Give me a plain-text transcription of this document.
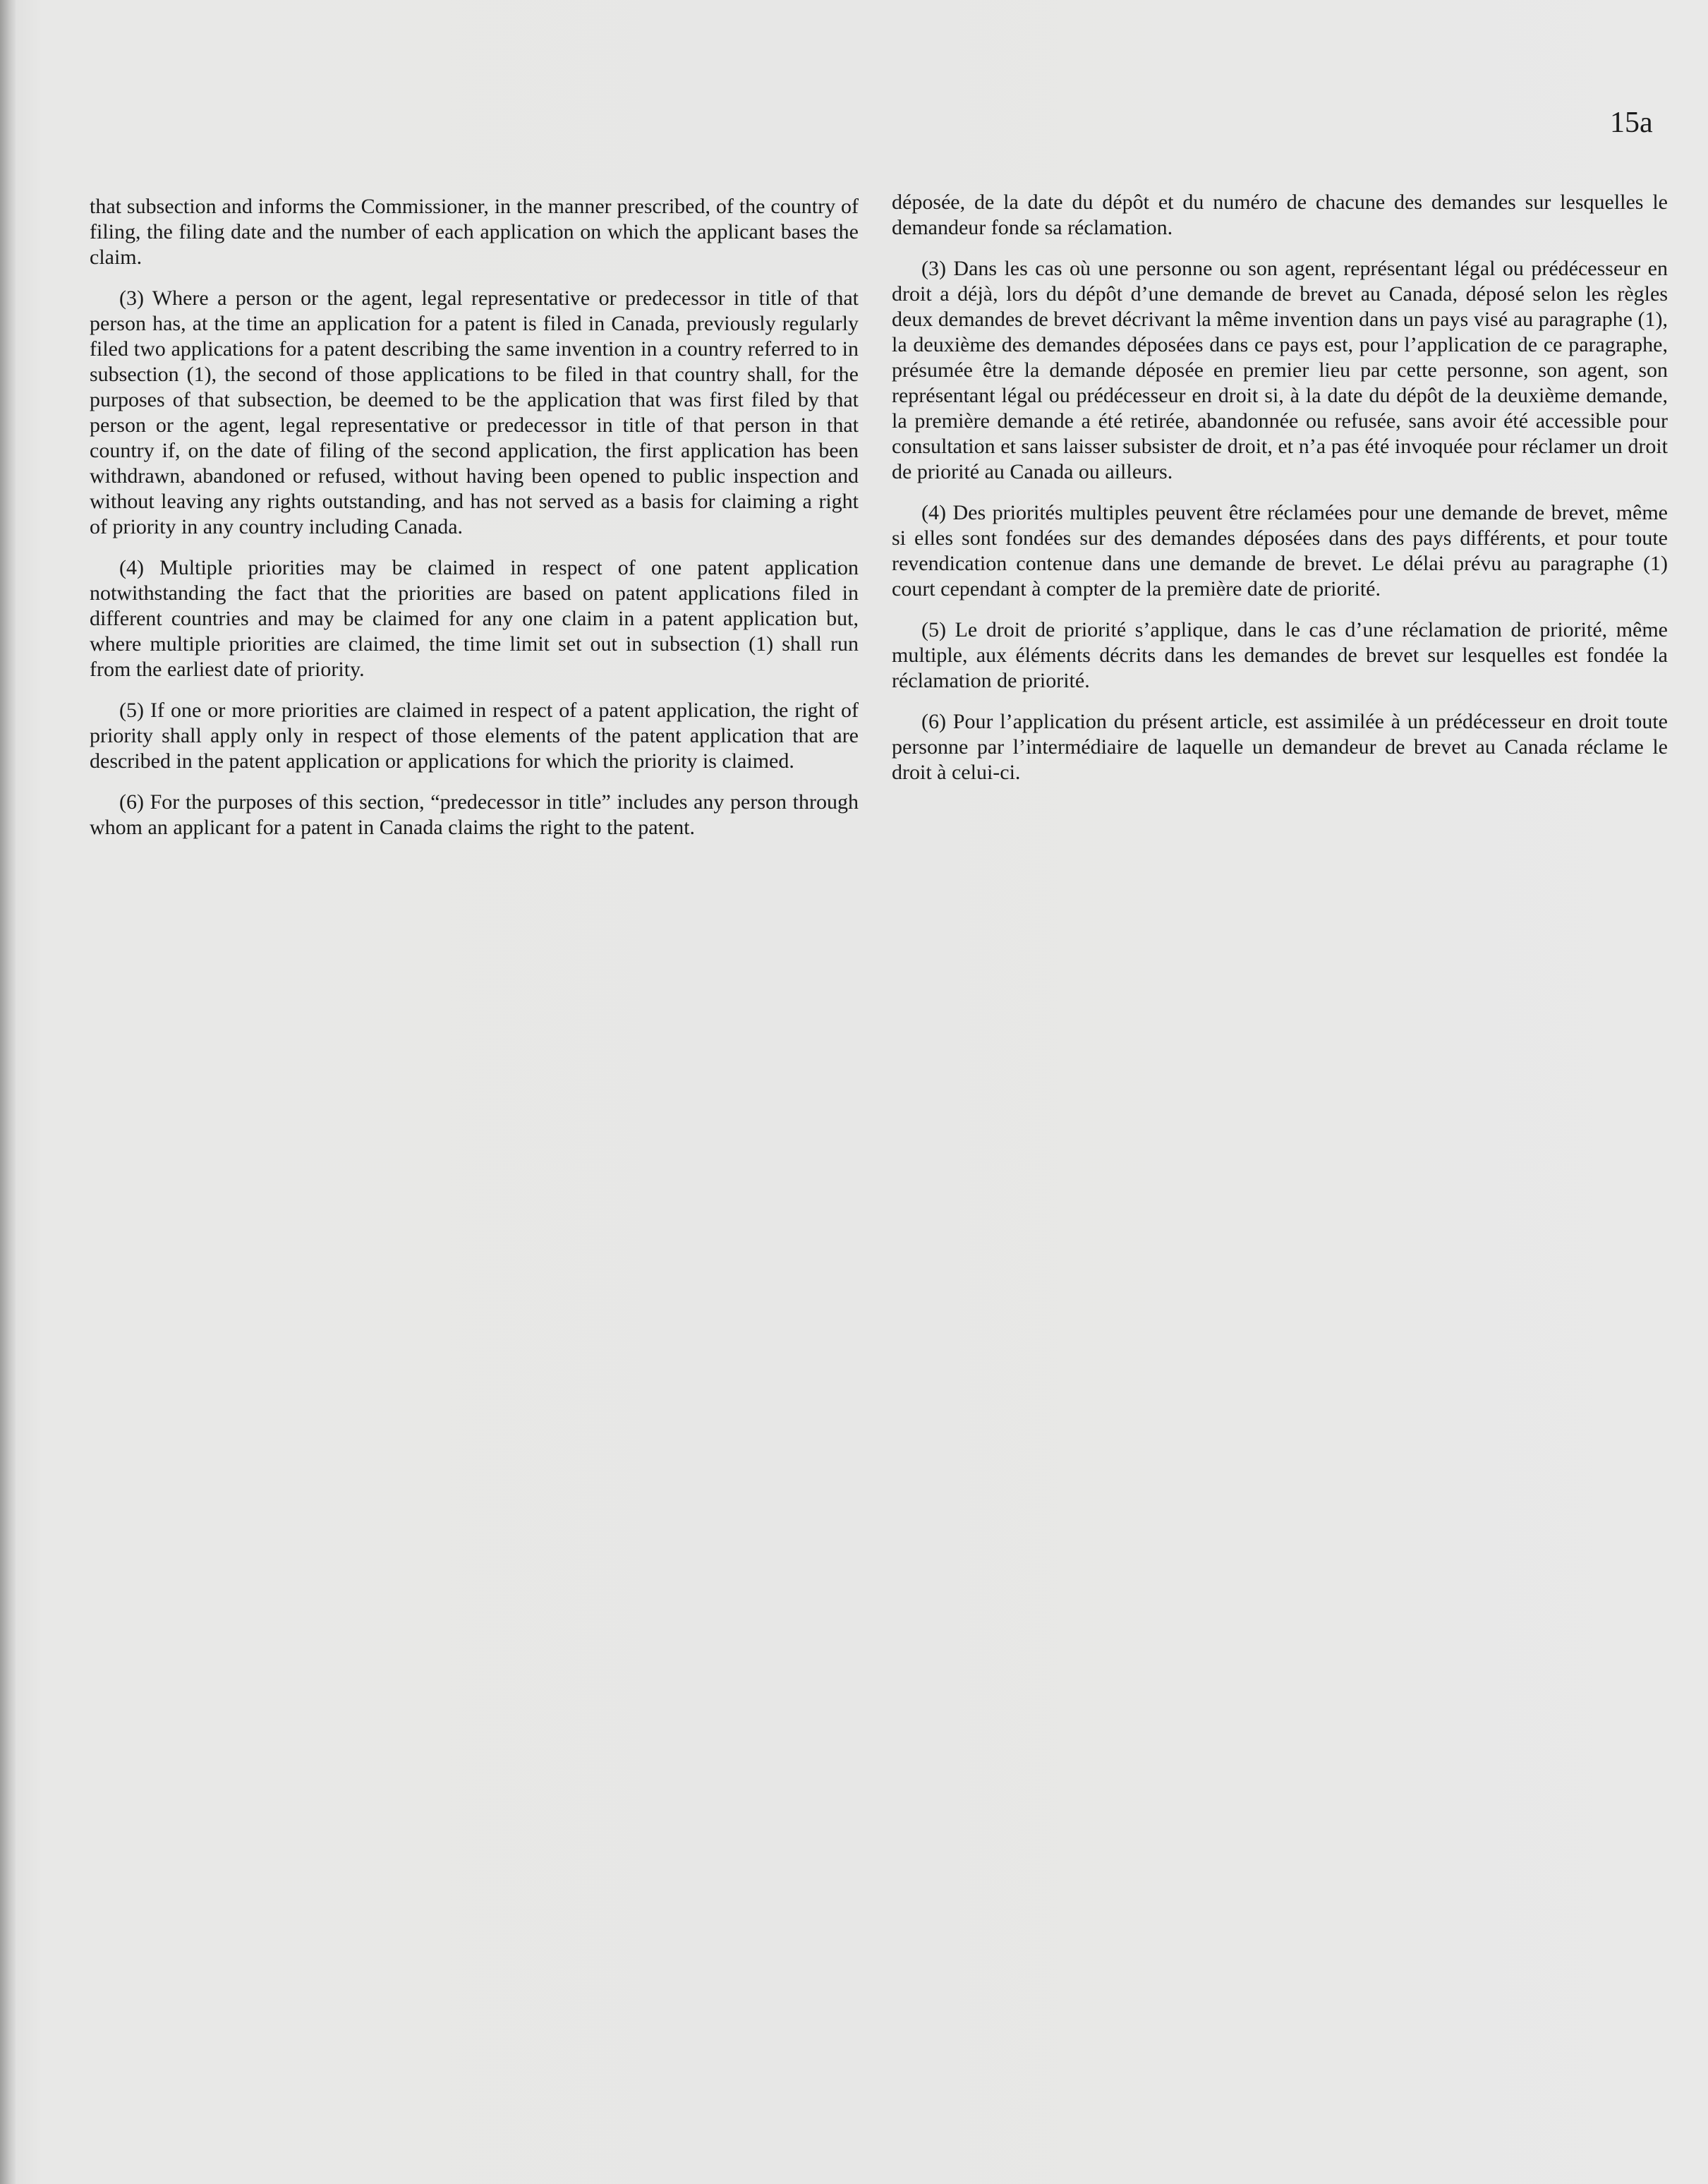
15a

that subsection and informs the Commissioner, in the manner prescribed, of the country of filing, the filing date and the number of each application on which the applicant bases the claim.

(3) Where a person or the agent, legal representative or predecessor in title of that person has, at the time an application for a patent is filed in Canada, previously regularly filed two applications for a patent describing the same invention in a country referred to in subsection (1), the second of those applications to be filed in that country shall, for the purposes of that subsection, be deemed to be the application that was first filed by that person or the agent, legal representative or predecessor in title of that person in that country if, on the date of filing of the second application, the first application has been withdrawn, abandoned or refused, without having been opened to public inspection and without leaving any rights outstanding, and has not served as a basis for claiming a right of priority in any country including Canada.

(4) Multiple priorities may be claimed in respect of one patent application notwithstanding the fact that the priorities are based on patent applications filed in different countries and may be claimed for any one claim in a patent application but, where multiple priorities are claimed, the time limit set out in subsection (1) shall run from the earliest date of priority.

(5) If one or more priorities are claimed in respect of a patent application, the right of priority shall apply only in respect of those elements of the patent application that are described in the patent application or applications for which the priority is claimed.

(6) For the purposes of this section, “predecessor in title” includes any person through whom an applicant for a patent in Canada claims the right to the patent.

déposée, de la date du dépôt et du numéro de chacune des demandes sur lesquelles le demandeur fonde sa réclamation.

(3) Dans les cas où une personne ou son agent, représentant légal ou prédécesseur en droit a déjà, lors du dépôt d’une demande de brevet au Canada, déposé selon les règles deux demandes de brevet décrivant la même invention dans un pays visé au paragraphe (1), la deuxième des demandes déposées dans ce pays est, pour l’application de ce paragraphe, présumée être la demande déposée en premier lieu par cette personne, son agent, son représentant légal ou prédécesseur en droit si, à la date du dépôt de la deuxième demande, la première demande a été retirée, abandonnée ou refusée, sans avoir été accessible pour consultation et sans laisser subsister de droit, et n’a pas été invoquée pour réclamer un droit de priorité au Canada ou ailleurs.

(4) Des priorités multiples peuvent être réclamées pour une demande de brevet, même si elles sont fondées sur des demandes déposées dans des pays différents, et pour toute revendication contenue dans une demande de brevet. Le délai prévu au paragraphe (1) court cependant à compter de la première date de priorité.

(5) Le droit de priorité s’applique, dans le cas d’une réclamation de priorité, même multiple, aux éléments décrits dans les demandes de brevet sur lesquelles est fondée la réclamation de priorité.

(6) Pour l’application du présent article, est assimilée à un prédécesseur en droit toute personne par l’intermédiaire de laquelle un demandeur de brevet au Canada réclame le droit à celui-ci.
